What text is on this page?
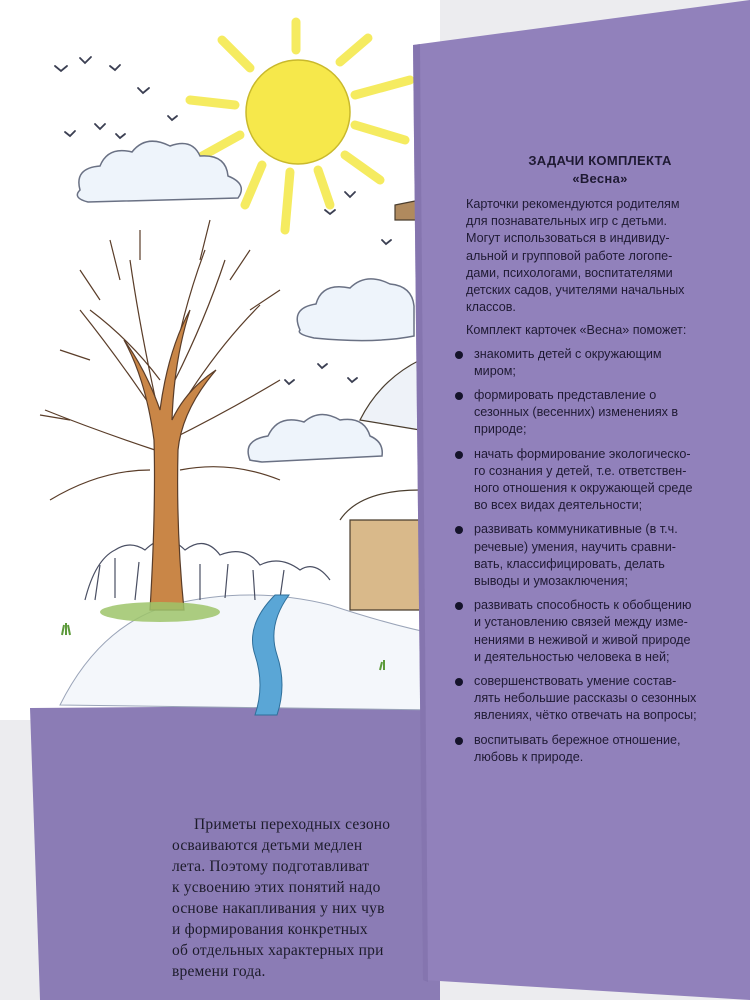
Приметы переходных сезоно

осваиваются детьми медлен

лета. Поэтому подготавливат

к усвоению этих понятий надо

основе накапливания у них чув

и формирования конкретных

об отдельных характерных при

времени года.

ЗАДАЧИ КОМПЛЕКТА
«Весна»
Карточки рекомендуются родителям
для познавательных игр с детьми.
Могут использоваться в индивиду-
альной и групповой работе логопе-
дами, психологами, воспитателями
детских садов, учителями начальных
классов.
Комплект карточек «Весна» поможет:
знакомить детей с окружающим
миром;
формировать представление о
сезонных (весенних) изменениях в
природе;
начать формирование экологическо-
го сознания у детей, т.е. ответствен-
ного отношения к окружающей среде
во всех видах деятельности;
развивать коммуникативные (в т.ч.
речевые) умения, научить сравни-
вать, классифицировать, делать
выводы и умозаключения;
развивать способность к обобщению
и установлению связей между изме-
нениями в неживой и живой природе
и деятельностью человека в ней;
совершенствовать умение состав-
лять небольшие рассказы о сезонных
явлениях, чётко отвечать на вопросы;
воспитывать бережное отношение,
любовь к природе.
